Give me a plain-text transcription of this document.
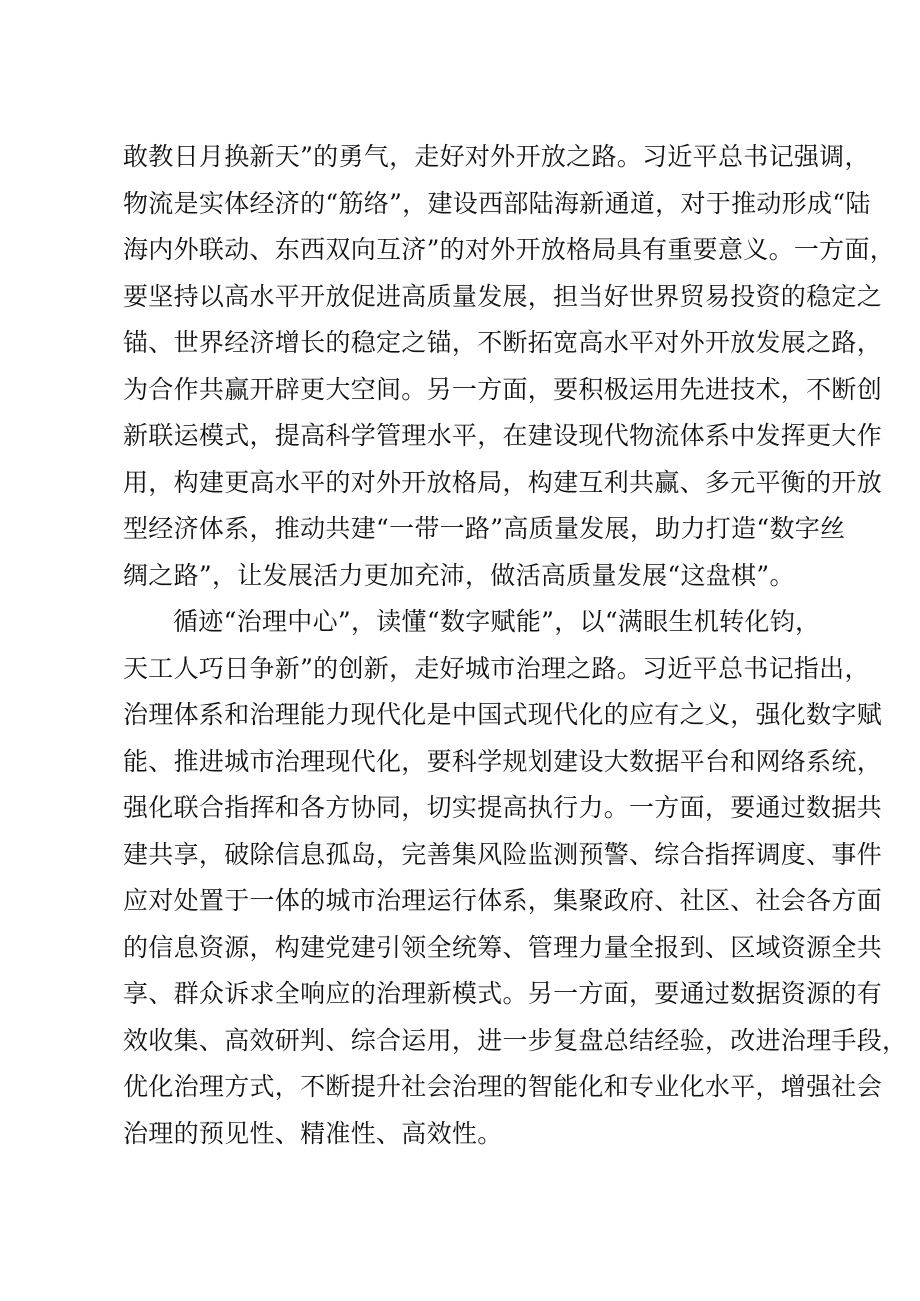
敢教日月换新天”的勇气，走好对外开放之路。习近平总书记强调，
物流是实体经济的“筋络”，建设西部陆海新通道，对于推动形成“陆
海内外联动、东西双向互济”的对外开放格局具有重要意义。一方面，
要坚持以高水平开放促进高质量发展，担当好世界贸易投资的稳定之
锚、世界经济增长的稳定之锚，不断拓宽高水平对外开放发展之路，
为合作共赢开辟更大空间。另一方面，要积极运用先进技术，不断创
新联运模式，提高科学管理水平，在建设现代物流体系中发挥更大作
用，构建更高水平的对外开放格局，构建互利共赢、多元平衡的开放
型经济体系，推动共建“一带一路”高质量发展，助力打造“数字丝
绸之路”，让发展活力更加充沛，做活高质量发展“这盘棋”。
循迹“治理中心”，读懂“数字赋能”，以“满眼生机转化钧，
天工人巧日争新”的创新，走好城市治理之路。习近平总书记指出，
治理体系和治理能力现代化是中国式现代化的应有之义，强化数字赋
能、推进城市治理现代化，要科学规划建设大数据平台和网络系统，
强化联合指挥和各方协同，切实提高执行力。一方面，要通过数据共
建共享，破除信息孤岛，完善集风险监测预警、综合指挥调度、事件
应对处置于一体的城市治理运行体系，集聚政府、社区、社会各方面
的信息资源，构建党建引领全统筹、管理力量全报到、区域资源全共
享、群众诉求全响应的治理新模式。另一方面，要通过数据资源的有
效收集、高效研判、综合运用，进一步复盘总结经验，改进治理手段，
优化治理方式，不断提升社会治理的智能化和专业化水平，增强社会
治理的预见性、精准性、高效性。
